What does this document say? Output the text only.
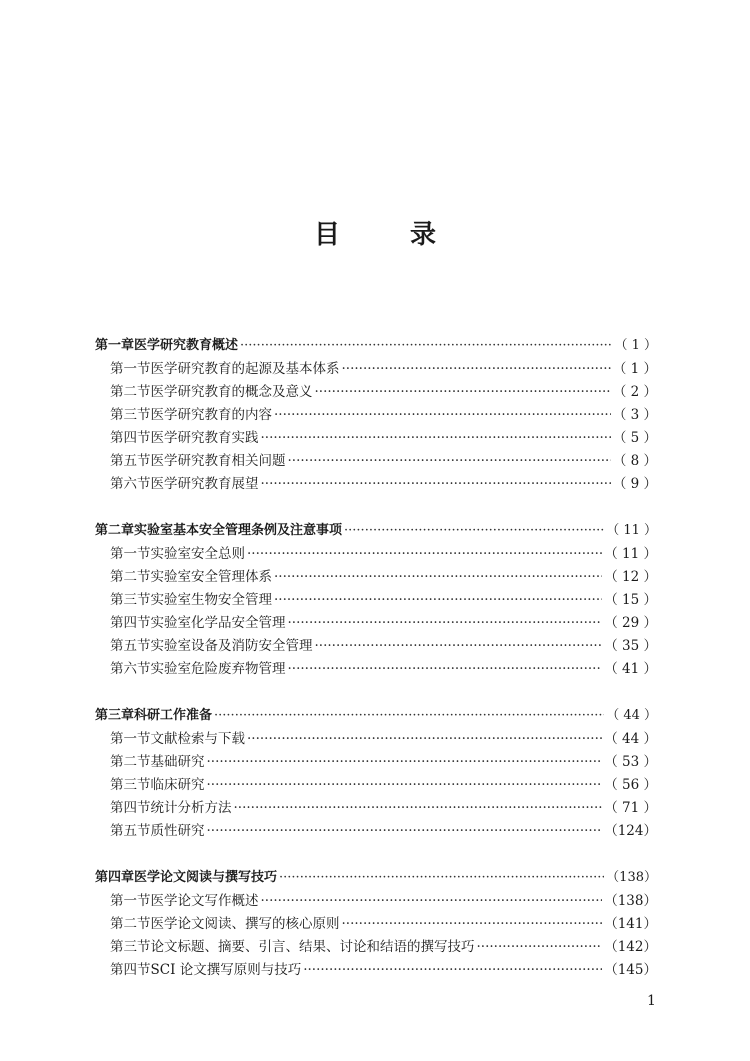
目　录
第一章 医学研究教育概述 ·····	（ 1 ）
第一节 医学研究教育的起源及基本体系 ·····	（ 1 ）
第二节 医学研究教育的概念及意义 ·····	（ 2 ）
第三节 医学研究教育的内容 ·····	（ 3 ）
第四节 医学研究教育实践 ·····	（ 5 ）
第五节 医学研究教育相关问题 ·····	（ 8 ）
第六节 医学研究教育展望 ·····	（ 9 ）
第二章 实验室基本安全管理条例及注意事项 ·····	（ 11 ）
第一节 实验室安全总则 ·····	（ 11 ）
第二节 实验室安全管理体系 ·····	（ 12 ）
第三节 实验室生物安全管理 ·····	（ 15 ）
第四节 实验室化学品安全管理 ·····	（ 29 ）
第五节 实验室设备及消防安全管理 ·····	（ 35 ）
第六节 实验室危险废弃物管理 ·····	（ 41 ）
第三章 科研工作准备 ·····	（ 44 ）
第一节 文献检索与下载 ·····	（ 44 ）
第二节 基础研究 ·····	（ 53 ）
第三节 临床研究 ·····	（ 56 ）
第四节 统计分析方法 ·····	（ 71 ）
第五节 质性研究 ·····	（124）
第四章 医学论文阅读与撰写技巧 ·····	（138）
第一节 医学论文写作概述 ·····	（138）
第二节 医学论文阅读、撰写的核心原则 ·····	（141）
第三节 论文标题、摘要、引言、结果、讨论和结语的撰写技巧 ·····	（142）
第四节 SCI 论文撰写原则与技巧 ·····	（145）
1
